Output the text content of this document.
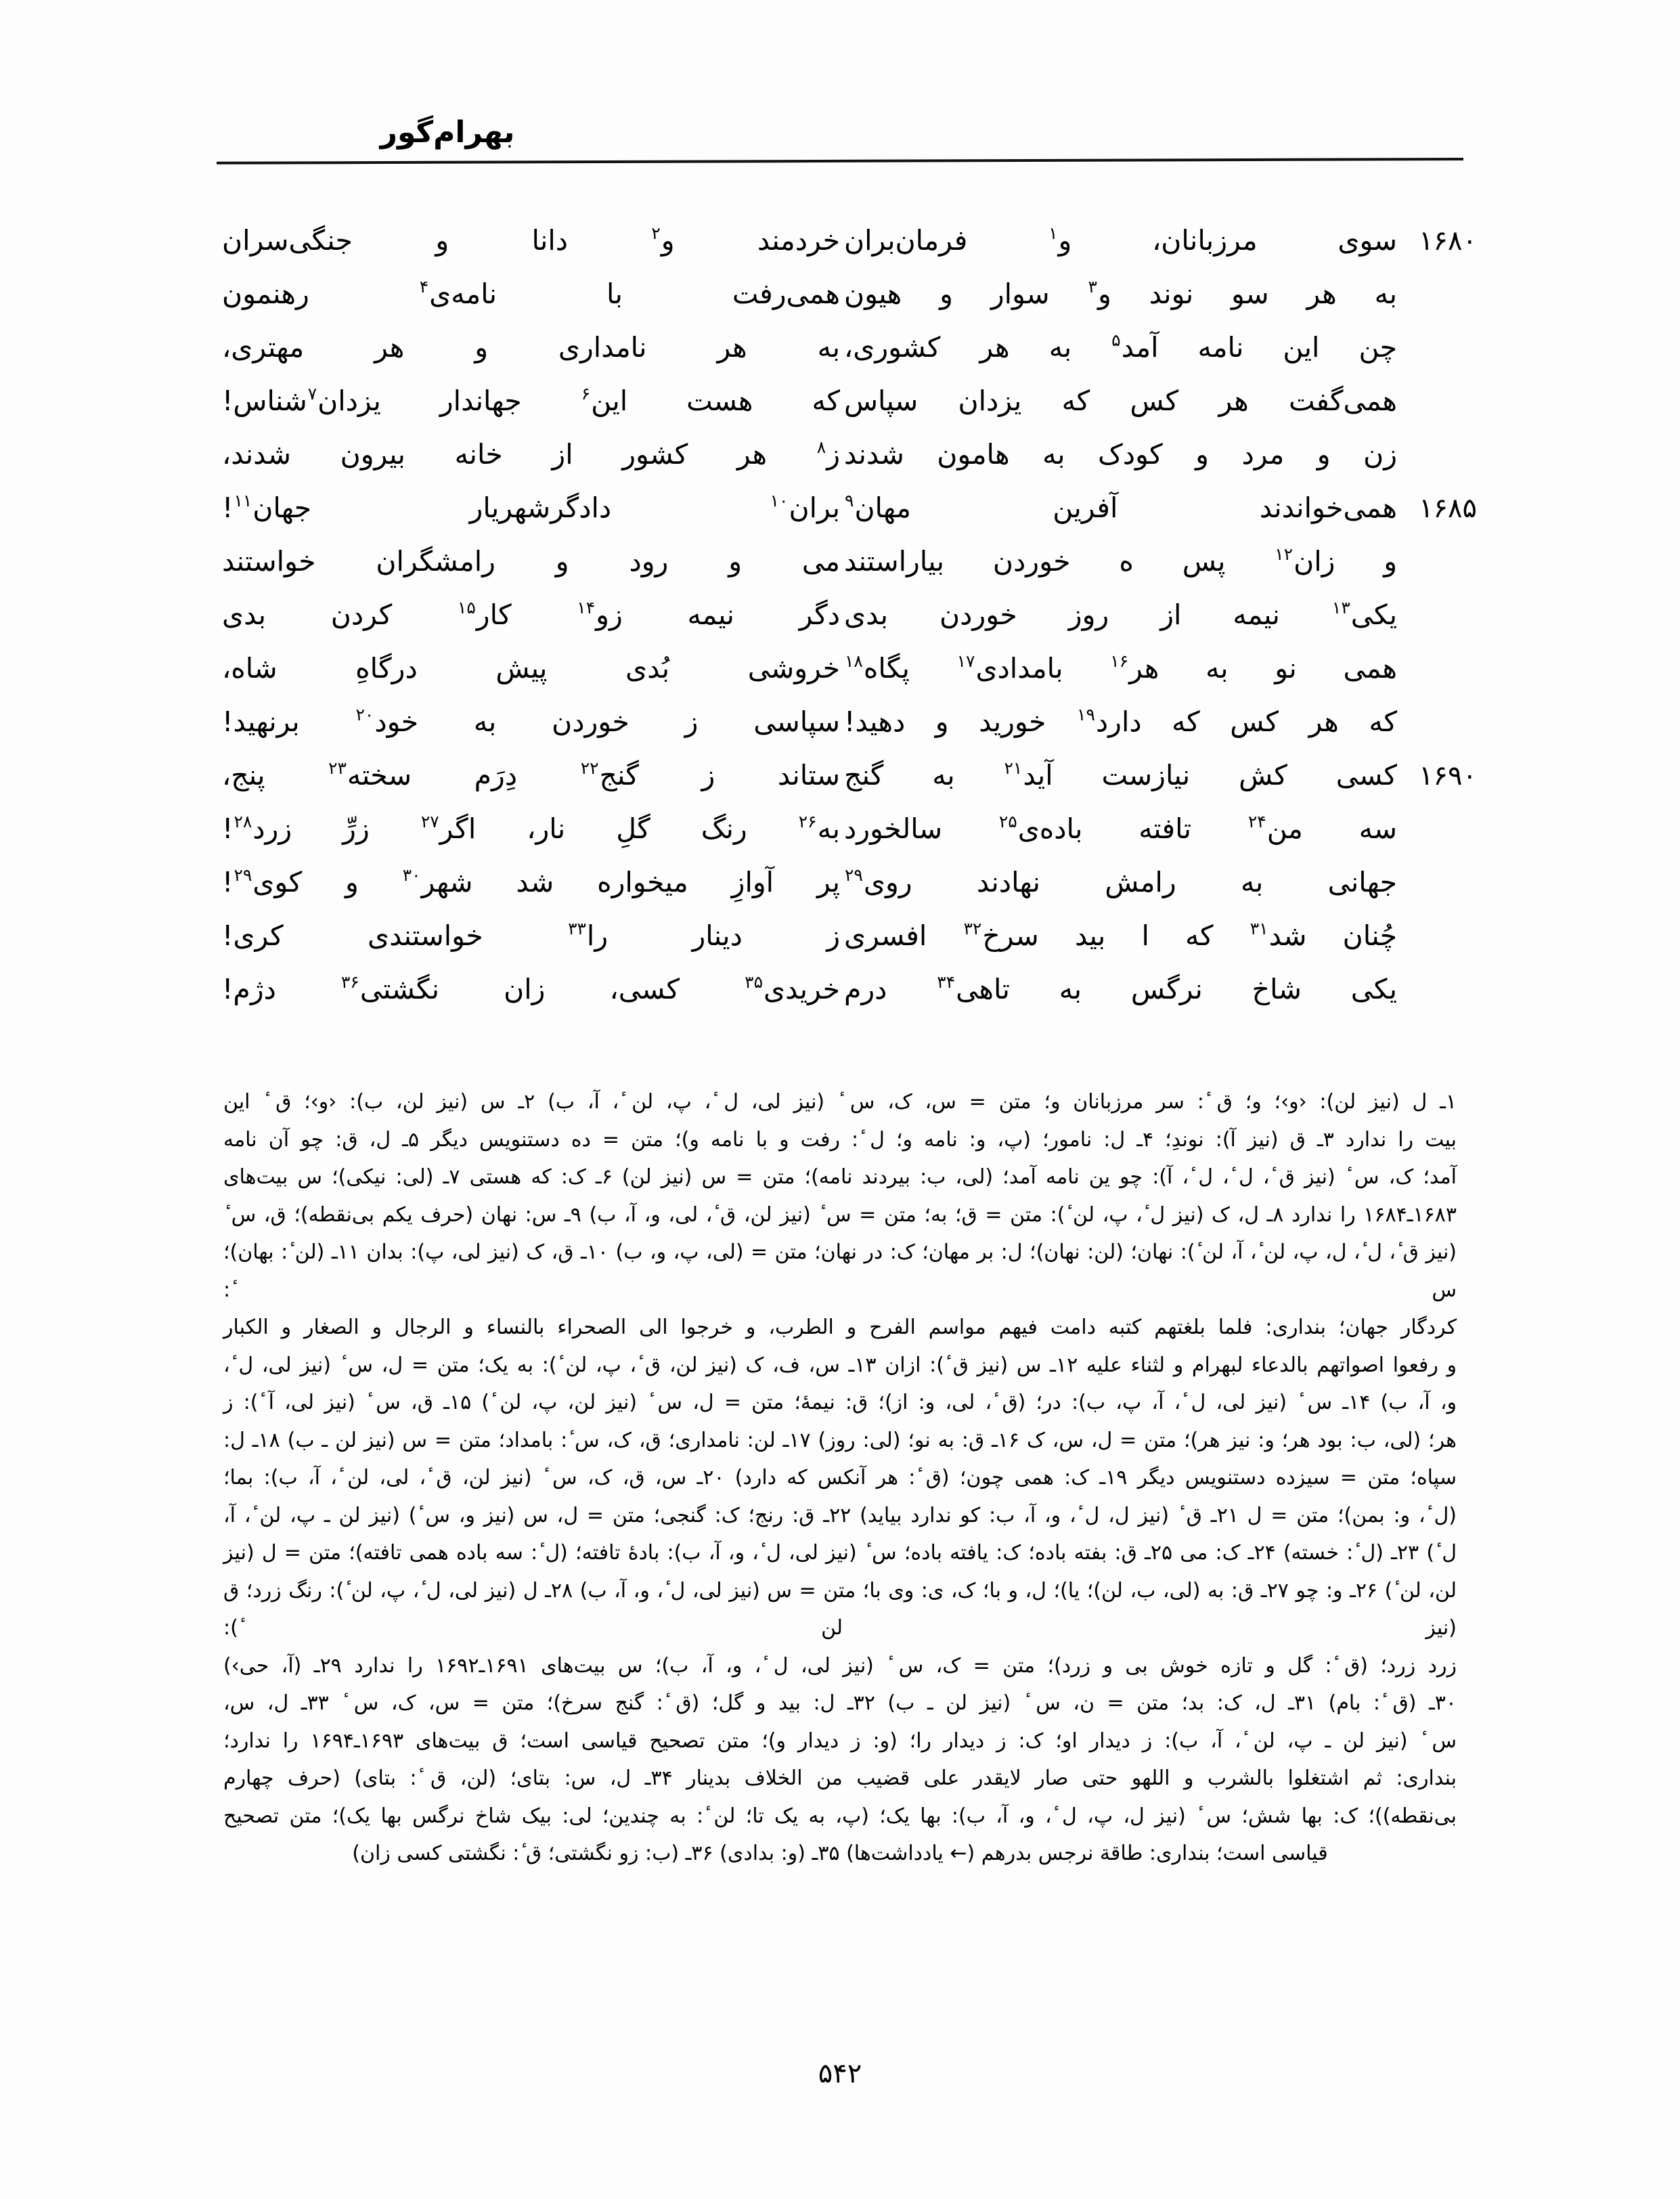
بهرام‌گور
۱۶۸۰سوی مرزبانان، و$^۱$ فرمان‌بران
خردمند و$^۲$ دانا و جنگی‌سران
به هر سو نوند و$^۳$ سوار و هیون
همی‌رفت با نامه‌ی$^۴$ رهنمون
چن این نامه آمد$^۵$ به هر کشوری،
به هر نامداری و هر مهتری،
همی‌گفت هر کس که یزدان سپاس
که هست این$^۶$ جهاندار یزدان$^۷$‌شناس!
زن و مرد و کودک به هامون شدند
ز$^۸$ هر کشور از خانه بیرون شدند،
۱۶۸۵همی‌خواندند آفرین مهان$^۹$
بران$^{۱۰}$ دادگرشهریار جهان$^{۱۱}$!
و زان$^{۱۲}$ پس ه خوردن بیاراستند
می و رود و رامشگران خواستند
یکی$^{۱۳}$ نیمه از روز خوردن بدی
دگر نیمه زو$^{۱۴}$ کار$^{۱۵}$ کردن بدی
همی نو به هر$^{۱۶}$ بامدادی$^{۱۷}$ پگاه$^{۱۸}$
خروشی بُدی پیش درگاهِ شاه،
که هر کس که دارد$^{۱۹}$ خورید و دهید!
سپاسی ز خوردن به خود$^{۲۰}$ برنهید!
۱۶۹۰کسی کش نیازست آید$^{۲۱}$ به گنج
ستاند ز گنج$^{۲۲}$ دِرَم سخته$^{۲۳}$ پنج،
سه من$^{۲۴}$ تافته باده‌ی$^{۲۵}$ سالخورد
به$^{۲۶}$ رنگ گلِ نار، اگر$^{۲۷}$ زرِّ زرد$^{۲۸}$!
جهانی به رامش نهادند روی$^{۲۹}$
پر آوازِ میخواره شد شهر$^{۳۰}$ و کوی$^{۲۹}$!
چُنان شد$^{۳۱}$ که ا بید سرخ$^{۳۲}$ افسری
ز دینار را$^{۳۳}$ خواستندی کری!
یکی شاخ نرگس به تاهی$^{۳۴}$ درم
خریدی$^{۳۵}$ کسی، زان نگشتی$^{۳۶}$ دژم!

۱ـ ل (نیز لن): ‹و›؛ و؛ ق ٔ: سر مرزبانان و؛ متن = س، ک، س ٔ (نیز لی، ل ٔ، پ، لن ٔ، آ، ب) ۲ـ س (نیز لن، ب): ‹و›؛ ق ٔ این

بیت را ندارد ۳ـ ق (نیز آ): نوندِ؛ ۴ـ ل: نامور؛ (پ، و: نامه و؛ ل ٔ: رفت و با نامه و)؛ متن = ده دستنویس دیگر ۵ـ ل، ق: چو آن نامه

آمد؛ ک، س ٔ (نیز ق ٔ، ل ٔ، ل ٔ، آ): چو ین نامه آمد؛ (لی، ب: بیردند نامه)؛ متن = س (نیز لن) ۶ـ ک: که هستی ۷ـ (لی: نیکی)؛ س بیت‌های

۱۶۸۳ـ۱۶۸۴ را ندارد ۸ـ ل، ک (نیز ل ٔ، پ، لن ٔ): متن = ق؛ به؛ متن = س ٔ (نیز لن، ق ٔ، لی، و، آ، ب) ۹ـ س: نهان (حرف یکم بی‌نقطه)؛ ق، س ٔ

(نیز ق ٔ، ل ٔ، ل، پ، لن ٔ، آ، لن ٔ): نهان؛ (لن: نهان)؛ ل: بر مهان؛ ک: در نهان؛ متن = (لی، پ، و، ب) ۱۰ـ ق، ک (نیز لی، پ): بدان ۱۱ـ (لن ٔ: بهان)؛ س ٔ:

کردگار جهان؛ بنداری: فلما بلغتهم کتبه دامت فیهم مواسم الفرح و الطرب، و خرجوا الی الصحراء بالنساء و الرجال و الصغار و الکبار

و رفعوا اصواتهم بالدعاء لبهرام و لثناء علیه ۱۲ـ س (نیز ق ٔ): ازان ۱۳ـ س، ف، ک (نیز لن، ق ٔ، پ، لن ٔ): به یک؛ متن = ل، س ٔ (نیز لی، ل ٔ،

و، آ، ب) ۱۴ـ س ٔ (نیز لی، ل ٔ، آ، پ، ب): در؛ (ق ٔ، لی، و: از)؛ ق: نیمهٔ؛ متن = ل، س ٔ (نیز لن، پ، لن ٔ) ۱۵ـ ق، س ٔ (نیز لی، آ ٔ): ز

هر؛ (لی، ب: بود هر؛ و: نیز هر)؛ متن = ل، س، ک ۱۶ـ ق: به نو؛ (لی: روز) ۱۷ـ لن: نامداری؛ ق، ک، س ٔ: بامداد؛ متن = س (نیز لن ـ ب) ۱۸ـ ل:

سپاه؛ متن = سیزده دستنویس دیگر ۱۹ـ ک: همی چون؛ (ق ٔ: هر آنکس که دارد) ۲۰ـ س، ق، ک، س ٔ (نیز لن، ق ٔ، لی، لن ٔ، آ، ب): بما؛

(ل ٔ، و: بمن)؛ متن = ل ۲۱ـ ق ٔ (نیز ل، ل ٔ، و، آ، ب: کو ندارد بیاید) ۲۲ـ ق: رنج؛ ک: گنجی؛ متن = ل، س (نیز و، س ٔ) (نیز لن ـ پ، لن ٔ، آ،

ل ٔ) ۲۳ـ (ل ٔ: خسته) ۲۴ـ ک: می ۲۵ـ ق: بفته باده؛ ک: یافته باده؛ س ٔ (نیز لی، ل ٔ، و، آ، ب): بادهٔ تافته؛ (ل ٔ: سه باده همی تافته)؛ متن = ل (نیز

لن، لن ٔ) ۲۶ـ و: چو ۲۷ـ ق: به (لی، ب، لن)؛ یا)؛ ل، و با؛ ک، ی: وی با؛ متن = س (نیز لی، ل ٔ، و، آ، ب) ۲۸ـ ل (نیز لی، ل ٔ، پ، لن ٔ): رنگ زرد؛ ق (نیز لن ٔ):

زرد زرد؛ (ق ٔ: گل و تازه خوش بی و زرد)؛ متن = ک، س ٔ (نیز لی، ل ٔ، و، آ، ب)؛ س بیت‌های ۱۶۹۱ـ۱۶۹۲ را ندارد ۲۹ـ (آ، حی›)

۳۰ـ (ق ٔ: بام) ۳۱ـ ل، ک: بد؛ متن = ن، س ٔ (نیز لن ـ ب) ۳۲ـ ل: بید و گل؛ (ق ٔ: گنج سرخ)؛ متن = س، ک، س ٔ ۳۳ـ ل، س،

س ٔ (نیز لن ـ پ، لن ٔ، آ، ب): ز دیدار او؛ ک: ز دیدار را؛ (و: ز دیدار و)؛ متن تصحیح قیاسی است؛ ق بیت‌های ۱۶۹۳ـ۱۶۹۴ را ندارد؛

بنداری: ثم اشتغلوا بالشرب و اللهو حتی صار لایقدر علی قضیب من الخلاف بدینار ۳۴ـ ل، س: بتای؛ (لن، ق ٔ: بتای) (حرف چهارم

بی‌نقطه))؛ ک: بها شش؛ س ٔ (نیز ل، پ، ل ٔ، و، آ، ب): بها یک؛ (پ، به یک تا؛ لن ٔ: به چندین؛ لی: بیک شاخ نرگس بها یک)؛ متن تصحیح

قیاسی است؛ بنداری: طاقة نرجس بدرهم (← یادداشت‌ها) ۳۵ـ (و: بدادی) ۳۶ـ (ب: زو نگشتی؛ ق ٔ: نگشتی کسی زان)

۵۴۲
